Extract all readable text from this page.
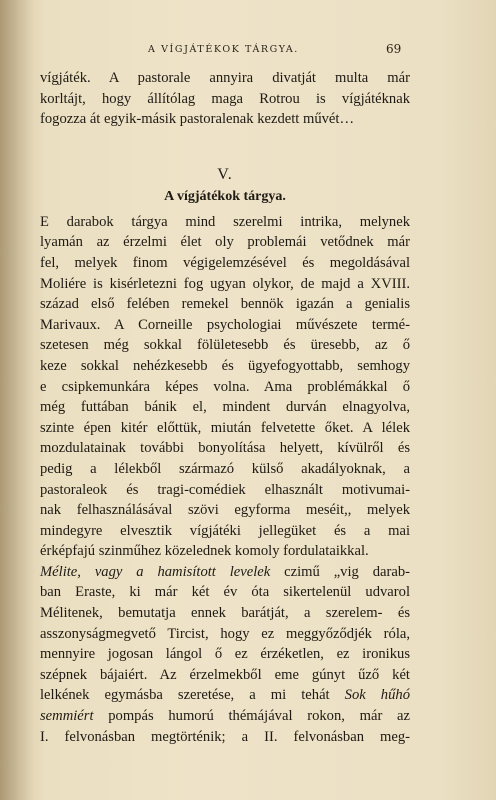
A VÍGJÁTÉKOK TÁRGYA.	69
vígjáték. A pastorale annyira divatját multa már
korltájt, hogy állítólag maga Rotrou is vígjátéknak
fogozza át egyik-másik pastoralenak kezdett művét…
V.
A vígjátékok tárgya.
E darabok tárgya mind szerelmi intrika, melynek
lyamán az érzelmi élet oly problemái vetődnek már
fel, melyek finom végigelemzésével és megoldásával
Moliére is kisérletezni fog ugyan olykor, de majd a XVIII.
század első felében remekel bennök igazán a genialis
Marivaux. A Corneille psychologiai művészete termé-
szetesen még sokkal fölületesebb és üresebb, az ő
keze sokkal nehézkesebb és ügyefogyottabb, semhogy
e csipkemunkára képes volna. Ama problémákkal ő
még futtában bánik el, mindent durván elnagyolva,
szinte épen kitér előttük, miután felvetette őket. A lélek
mozdulatainak további bonyolítása helyett, kívülről és
pedig a lélekből származó külső akadályoknak, a
pastoraleok és tragi-comédiek elhasznált motivumai-
nak felhasználásával szövi egyforma meséit,, melyek
mindegyre elvesztik vígjátéki jellegüket és a mai
érképfajú szinműhez közelednek komoly fordulataikkal.
Mélite, vagy a hamisított levelek czimű „vig darab-
ban Eraste, ki már két év óta sikertelenül udvarol
Mélitenek, bemutatja ennek barátját, a szerelem- és
asszonyságmegvető Tircist, hogy ez meggyőződjék róla,
mennyire jogosan lángol ő ez érzéketlen, ez ironikus
szépnek bájaiért. Az érzelmekből eme gúnyt űző két
lelkének egymásba szeretése, a mi tehát Sok hűhó
semmiért pompás humorú thémájával rokon, már az
I. felvonásban megtörténik; a II. felvonásban meg-
